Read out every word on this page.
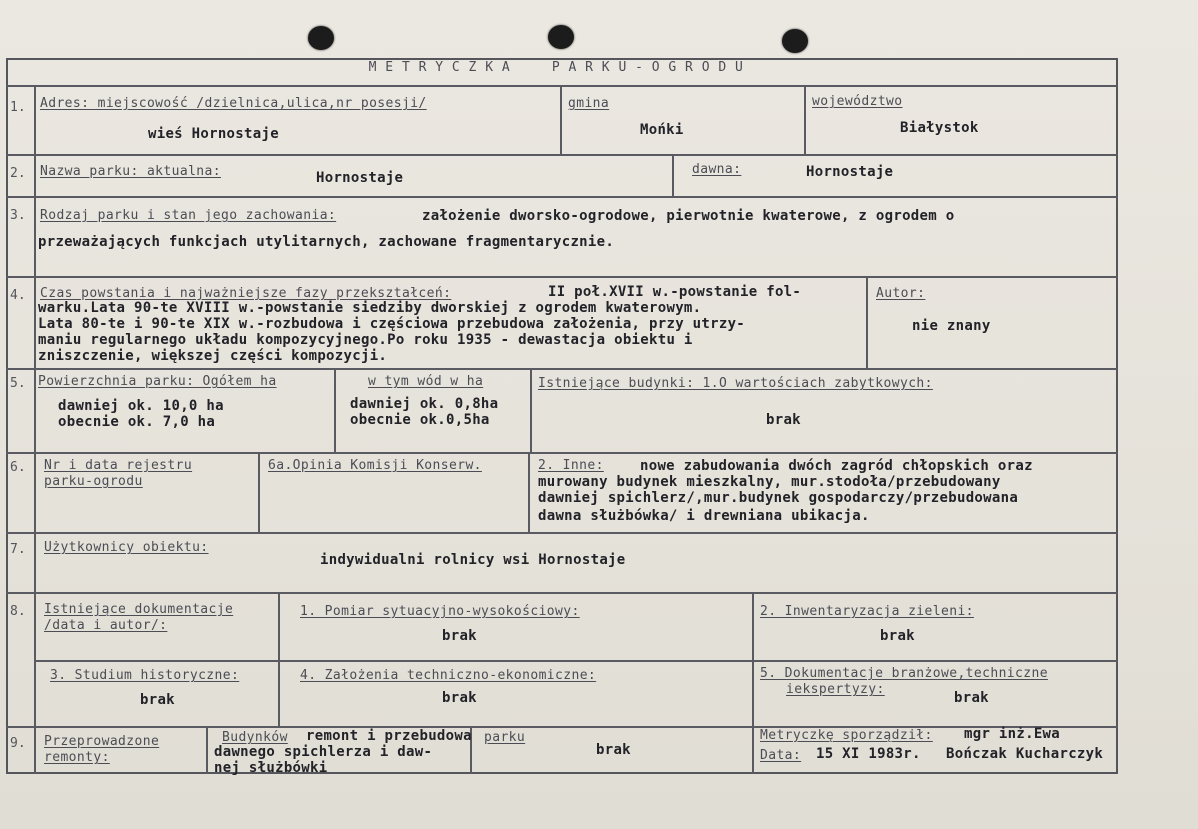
M E T R Y C Z K A     P A R K U - O G R O D U
1. Adres: miejscowość /dzielnica,ulica,nr posesji/
wieś Hornostaje
gmina
Mońki
województwo
Białystok
2. Nazwa parku: aktualna:	Hornostaje
dawna:	Hornostaje
3. Rodzaj parku i stan jego zachowania:	założenie dworsko-ogrodowe, pierwotnie kwaterowe, z ogrodem o
przeważających funkcjach utylitarnych, zachowane fragmentarycznie.
4. Czas powstania i najważniejsze fazy przekształceń:	II poł.XVII w.-powstanie fol-
warku.Lata 90-te XVIII w.-powstanie siedziby dworskiej z ogrodem kwaterowym.
Lata 80-te i 90-te XIX w.-rozbudowa i częściowa przebudowa założenia, przy utrzy-
maniu regularnego układu kompozycyjnego.Po roku 1935 - dewastacja obiektu i
zniszczenie, większej części kompozycji.
Autor:
nie znany
5. Powierzchnia parku: Ogółem ha
dawniej ok. 10,0 ha
obecnie ok. 7,0 ha
w tym wód w ha
dawniej ok. 0,8ha
obecnie ok.0,5ha
Istniejące budynki: 1.O wartościach zabytkowych:
brak
6. Nr i data rejestru
parku-ogrodu
6a.Opinia Komisji Konserw.	2. Inne:	nowe zabudowania dwóch zagród chłopskich oraz
murowany budynek mieszkalny, mur.stodoła/przebudowany
dawniej spichlerz/,mur.budynek gospodarczy/przebudowana
dawna służbówka/ i drewniana ubikacja.
7. Użytkownicy obiektu:
indywidualni rolnicy wsi Hornostaje
8. Istniejące dokumentacje
/data i autor/:
1. Pomiar sytuacyjno-wysokościowy:
brak
2. Inwentaryzacja zieleni:
brak
3. Studium historyczne:
brak
4. Założenia techniczno-ekonomiczne:
brak
5. Dokumentacje branżowe,techniczne
iekspertyzy:
brak
9. Przeprowadzone
remonty:
Budynków remont i przebudowa
dawnego spichlerza i daw-
nej służbówki
parku
brak
Metryczkę sporządził: mgr inż.Ewa
Data: 15 XI 1983r. Bończak Kucharczyk
